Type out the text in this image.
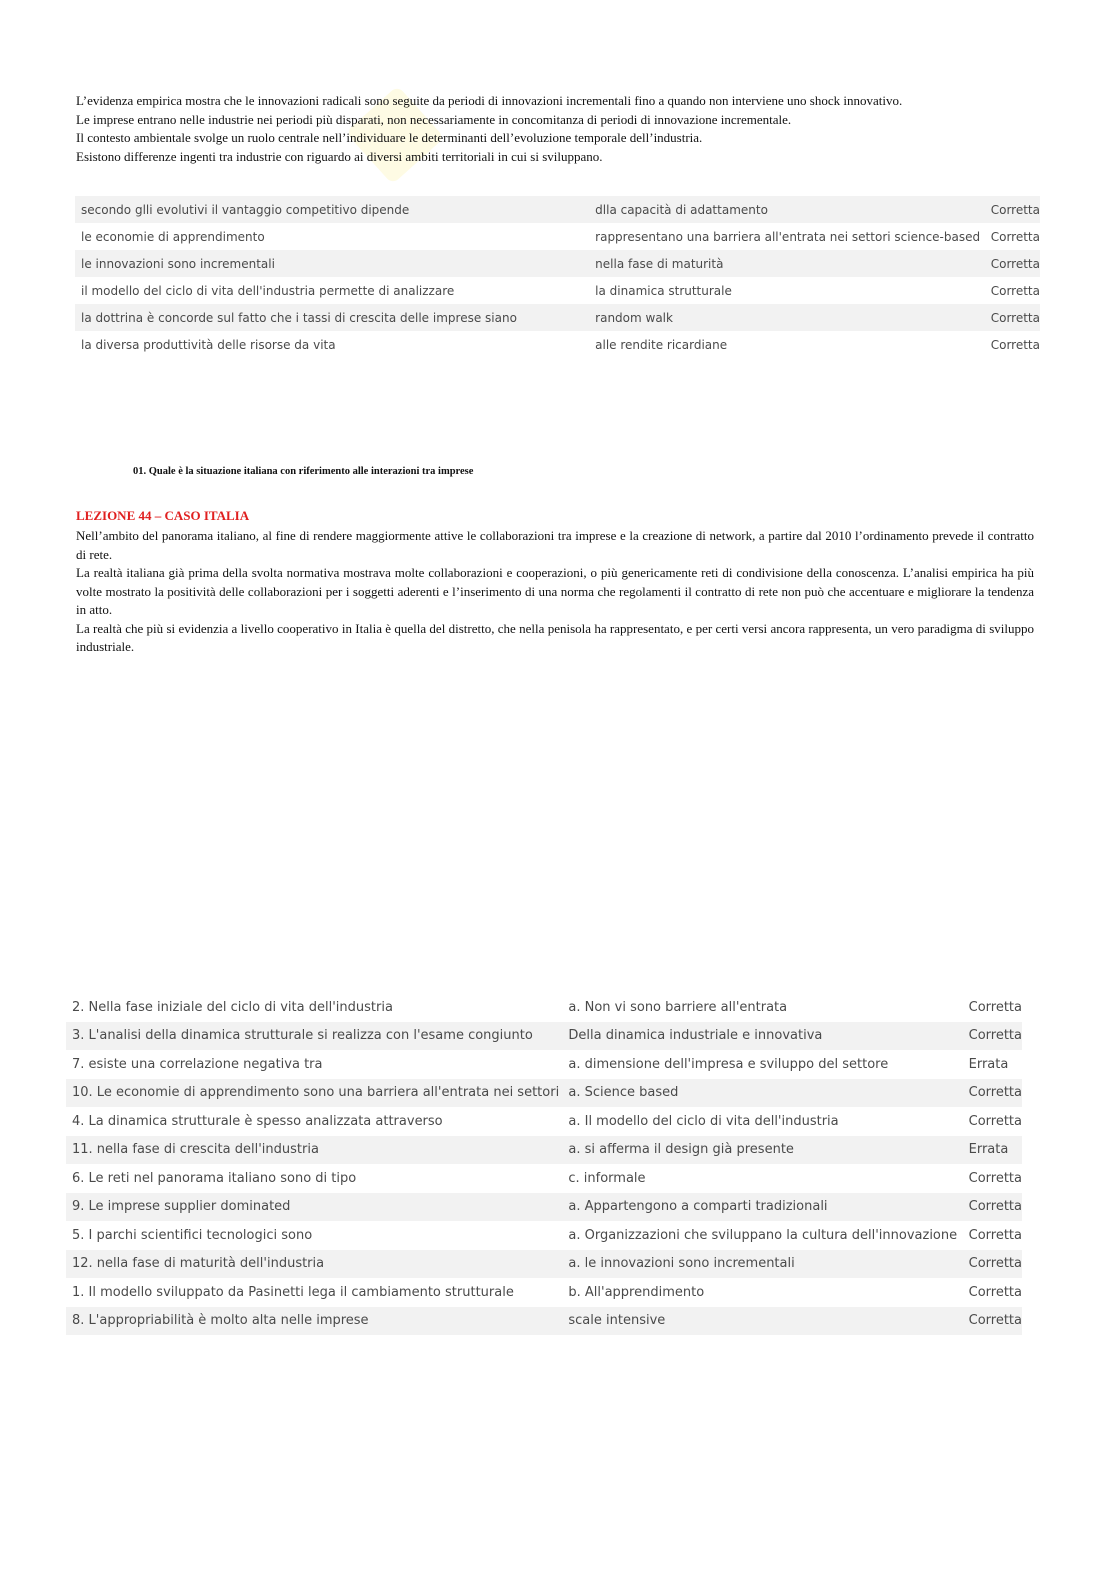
L’evidenza empirica mostra che le innovazioni radicali sono seguite da periodi di innovazioni incrementali fino a quando non interviene uno shock innovativo.

Le imprese entrano nelle industrie nei periodi più disparati, non necessariamente in concomitanza di periodi di innovazione incrementale.

Il contesto ambientale svolge un ruolo centrale nell’individuare le determinanti dell’evoluzione temporale dell’industria.

Esistono differenze ingenti tra industrie con riguardo ai diversi ambiti territoriali in cui si sviluppano.

secondo glli evolutivi il vantaggio competitivo dipende	dlla capacità di adattamento	Corretta
le economie di apprendimento	rappresentano una barriera all'entrata nei settori science-based	Corretta
le innovazioni sono incrementali	nella fase di maturità	Corretta
il modello del ciclo di vita dell'industria permette di analizzare	la dinamica strutturale	Corretta
la dottrina è concorde sul fatto che i tassi di crescita delle imprese siano	random walk	Corretta
la diversa produttività delle risorse da vita	alle rendite ricardiane	Corretta
01. Quale è la situazione italiana con riferimento alle interazioni tra imprese
LEZIONE 44 – CASO ITALIA

Nell’ambito del panorama italiano, al fine di rendere maggiormente attive le collaborazioni tra imprese e la creazione di network, a partire dal 2010 l’ordinamento prevede il contratto di rete.

La realtà italiana già prima della svolta normativa mostrava molte collaborazioni e cooperazioni, o più genericamente reti di condivisione della conoscenza. L’analisi empirica ha più volte mostrato la positività delle collaborazioni per i soggetti aderenti e l’inserimento di una norma che regolamenti il contratto di rete non può che accentuare e migliorare la tendenza in atto.

La realtà che più si evidenzia a livello cooperativo in Italia è quella del distretto, che nella penisola ha rappresentato, e per certi versi ancora rappresenta, un vero paradigma di sviluppo industriale.

2. Nella fase iniziale del ciclo di vita dell'industria	a. Non vi sono barriere all'entrata	Corretta
3. L'analisi della dinamica strutturale si realizza con l'esame congiunto	Della dinamica industriale e innovativa	Corretta
7. esiste una correlazione negativa tra	a. dimensione dell'impresa e sviluppo del settore	Errata
10. Le economie di apprendimento sono una barriera all'entrata nei settori	a. Science based	Corretta
4. La dinamica strutturale è spesso analizzata attraverso	a. Il modello del ciclo di vita dell'industria	Corretta
11. nella fase di crescita dell'industria	a. si afferma il design già presente	Errata
6. Le reti nel panorama italiano sono di tipo	c. informale	Corretta
9. Le imprese supplier dominated	a. Appartengono a comparti tradizionali	Corretta
5. I parchi scientifici tecnologici sono	a. Organizzazioni che sviluppano la cultura dell'innovazione	Corretta
12. nella fase di maturità dell'industria	a. le innovazioni sono incrementali	Corretta
1. Il modello sviluppato da Pasinetti lega il cambiamento strutturale	b. All'apprendimento	Corretta
8. L'appropriabilità è molto alta nelle imprese	scale intensive	Corretta
